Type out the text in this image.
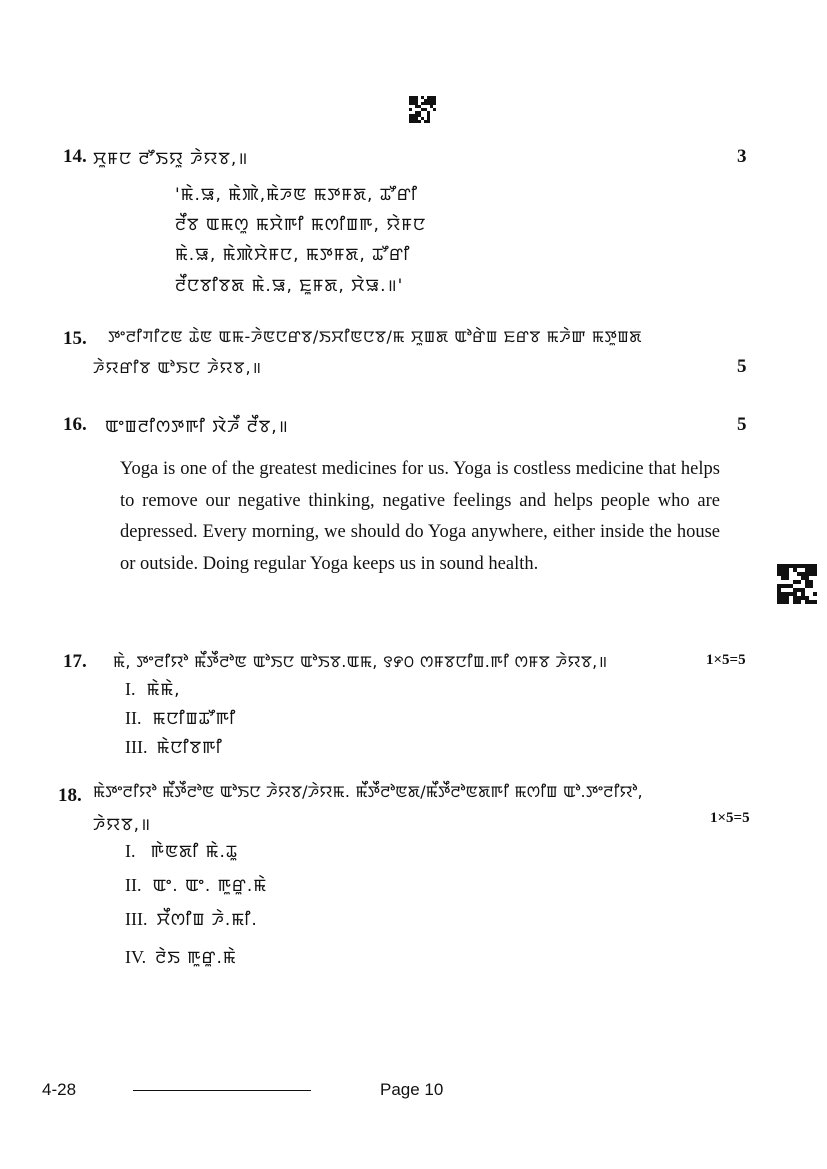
14. ꯆꯨꯝꯅ ꯂꯧꯏꯌꯨ ꯍꯥꯌꯕ,॥	3
'ꯃꯥ.ꯎ, ꯃꯥꯄꯥ,ꯃꯥꯍꯟ ꯃꯇꯝꯗ, ꯊꯧꯔꯤ
ꯂꯩꯕ ꯑꯃꯁꯨ ꯃꯆꯥꯒꯤ ꯃꯁꯤꯡꯒ, ꯌꯥꯝꯅ
ꯃꯥ.ꯎ, ꯃꯥꯄꯥꯆꯥꯝꯅ, ꯃꯇꯝꯗ, ꯊꯧꯔꯤ
ꯂꯩꯅꯕꯤꯕꯗ ꯃꯥ.ꯎ, ꯐꯨꯝꯗ, ꯆꯥꯎ.॥'
15. ꯇꯦꯂꯤꯚꯤꯖꯟ ꯊꯥꯟ ꯑꯃ-ꯍꯥꯟꯅꯔꯕ/ꯏꯆꯤꯟꯅꯕ/ꯃ ꯆꯨꯡꯗ ꯑꯣꯔꯥꯡ ꯐꯔꯕ ꯃꯍꯥꯛ ꯃꯇꯨꯡꯗ
ꯍꯥꯌꯔꯤꯕ ꯑꯣꯏꯅ ꯍꯥꯌꯕ,॥	5
16. ꯑꯦꯡꯂꯤꯁꯇꯒꯤ ꯋꯥꯍꯩ ꯂꯩꯕ,॥	5
Yoga is one of the greatest medicines for us. Yoga is costless medicine that helps to remove our negative thinking, negative feelings and helps people who are depressed. Every morning, we should do Yoga anywhere, either inside the house or outside. Doing regular Yoga keeps us in sound health.
17. ꯃꯥ, ꯇꯦꯂꯤꯌꯣ ꯃꯩꯇꯩꯂꯣꯟ ꯑꯣꯏꯅ ꯑꯣꯏꯕ.ꯑꯃ, ꯱꯸꯰ ꯁꯝꯕꯅꯤꯡ.ꯒꯤ ꯁꯝꯕ ꯍꯥꯌꯕ,॥	1×5=5
I. ꯃꯥꯃꯥ,
II. ꯃꯅꯤꯡꯊꯧꯒꯤ
III. ꯃꯥꯅꯤꯕꯒꯤ
18. ꯃꯥꯇꯦꯂꯤꯌꯣ ꯃꯩꯇꯩꯂꯣꯟ ꯑꯣꯏꯅ ꯍꯥꯌꯕ/ꯍꯥꯌꯃ. ꯃꯩꯇꯩꯂꯣꯟꯗ/ꯃꯩꯇꯩꯂꯣꯟꯗꯒꯤ ꯃꯁꯤꯡ ꯑꯣ.ꯇꯦꯂꯤꯌꯣ,
ꯍꯥꯌꯕ,॥	1×5=5
I. ꯒꯥꯟꯗꯤ ꯃꯥ.ꯊꯨ
II. ꯑꯦ. ꯑꯦ. ꯒꯨꯔꯨ.ꯃꯥ
III. ꯆꯩꯁꯤꯡ ꯍꯥ.ꯃꯤ.
IV. ꯂꯥꯏ ꯒꯨꯔꯨ.ꯃꯥ
4-28	Page 10
